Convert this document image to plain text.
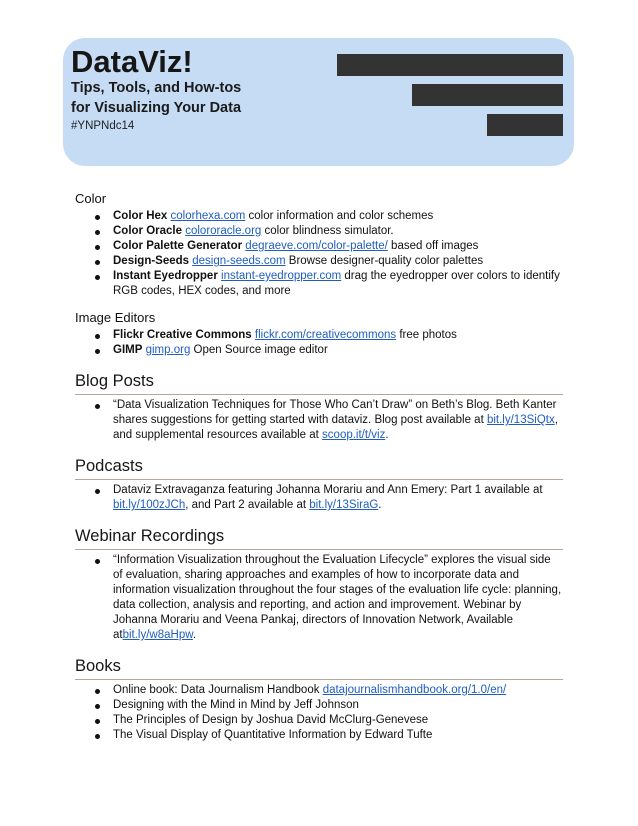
DataViz!
Tips, Tools, and How-tos
for Visualizing Your Data
#YNPNdc14
Color
Color Hex colorhexa.com color information and color schemes
Color Oracle colororacle.org color blindness simulator.
Color Palette Generator degraeve.com/color-palette/ based off images
Design-Seeds design-seeds.com Browse designer-quality color palettes
Instant Eyedropper instant-eyedropper.com drag the eyedropper over colors to identify RGB codes, HEX codes, and more
Image Editors
Flickr Creative Commons flickr.com/creativecommons free photos
GIMP gimp.org Open Source image editor
Blog Posts
“Data Visualization Techniques for Those Who Can’t Draw” on Beth’s Blog. Beth Kanter shares suggestions for getting started with dataviz. Blog post available at bit.ly/13SiQtx, and supplemental resources available at scoop.it/t/viz.
Podcasts
Dataviz Extravaganza featuring Johanna Morariu and Ann Emery: Part 1 available at bit.ly/100zJCh, and Part 2 available at bit.ly/13SiraG.
Webinar Recordings
“Information Visualization throughout the Evaluation Lifecycle” explores the visual side of evaluation, sharing approaches and examples of how to incorporate data and information visualization throughout the four stages of the evaluation life cycle: planning, data collection, analysis and reporting, and action and improvement. Webinar by Johanna Morariu and Veena Pankaj, directors of Innovation Network, Available atbit.ly/w8aHpw.
Books
Online book: Data Journalism Handbook datajournalismhandbook.org/1.0/en/
Designing with the Mind in Mind by Jeff Johnson
The Principles of Design by Joshua David McClurg-Genevese
The Visual Display of Quantitative Information by Edward Tufte
